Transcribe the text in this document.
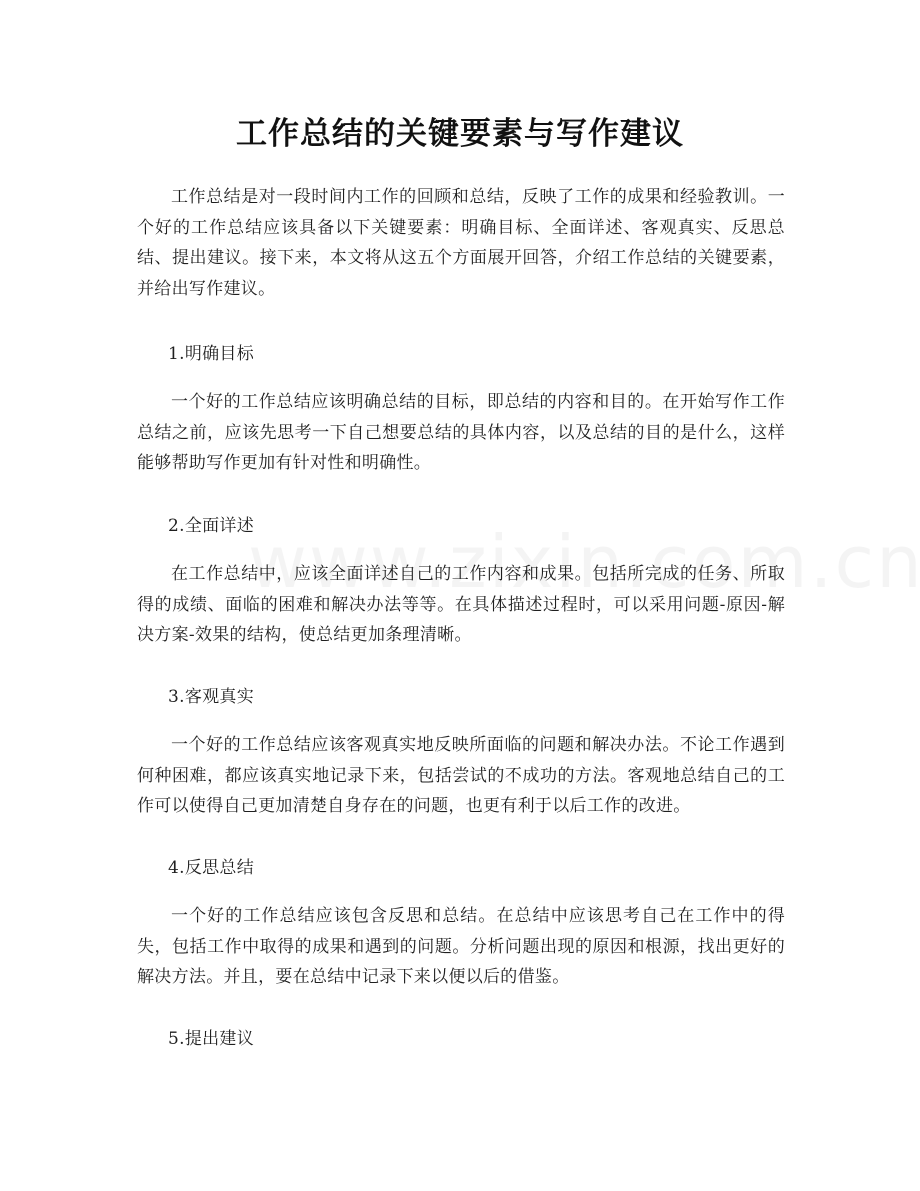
工作总结的关键要素与写作建议

工作总结是对一段时间内工作的回顾和总结，反映了工作的成果和经验教训。一个好的工作总结应该具备以下关键要素：明确目标、全面详述、客观真实、反思总结、提出建议。接下来，本文将从这五个方面展开回答，介绍工作总结的关键要素，并给出写作建议。

1.明确目标

一个好的工作总结应该明确总结的目标，即总结的内容和目的。在开始写作工作总结之前，应该先思考一下自己想要总结的具体内容，以及总结的目的是什么，这样能够帮助写作更加有针对性和明确性。

2.全面详述

在工作总结中，应该全面详述自己的工作内容和成果。包括所完成的任务、所取得的成绩、面临的困难和解决办法等等。在具体描述过程时，可以采用问题-原因-解决方案-效果的结构，使总结更加条理清晰。

3.客观真实

一个好的工作总结应该客观真实地反映所面临的问题和解决办法。不论工作遇到何种困难，都应该真实地记录下来，包括尝试的不成功的方法。客观地总结自己的工作可以使得自己更加清楚自身存在的问题，也更有利于以后工作的改进。

4.反思总结

一个好的工作总结应该包含反思和总结。在总结中应该思考自己在工作中的得失，包括工作中取得的成果和遇到的问题。分析问题出现的原因和根源，找出更好的解决方法。并且，要在总结中记录下来以便以后的借鉴。

5.提出建议
